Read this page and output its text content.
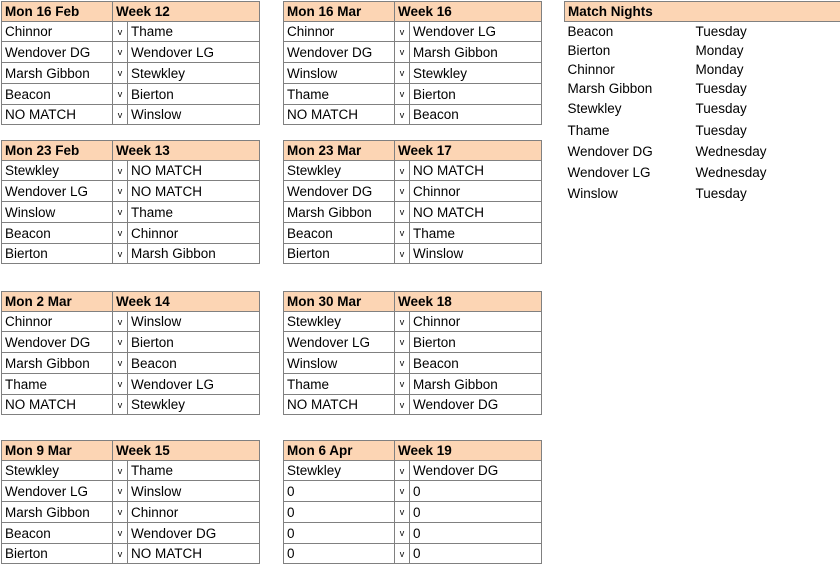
Mon 16 Feb	Week 12	
Chinnor	v	Thame
Wendover DG	v	Wendover LG
Marsh Gibbon	v	Stewkley
Beacon	v	Bierton
NO MATCH	v	Winslow
Mon 16 Mar	Week 16	
Chinnor	v	Wendover LG
Wendover DG	v	Marsh Gibbon
Winslow	v	Stewkley
Thame	v	Bierton
NO MATCH	v	Beacon
Mon 23 Feb	Week 13	
Stewkley	v	NO MATCH
Wendover LG	v	NO MATCH
Winslow	v	Thame
Beacon	v	Chinnor
Bierton	v	Marsh Gibbon
Mon 23 Mar	Week 17	
Stewkley	v	NO MATCH
Wendover DG	v	Chinnor
Marsh Gibbon	v	NO MATCH
Beacon	v	Thame
Bierton	v	Winslow
Mon 2 Mar	Week 14	
Chinnor	v	Winslow
Wendover DG	v	Bierton
Marsh Gibbon	v	Beacon
Thame	v	Wendover LG
NO MATCH	v	Stewkley
Mon 30 Mar	Week 18	
Stewkley	v	Chinnor
Wendover LG	v	Bierton
Winslow	v	Beacon
Thame	v	Marsh Gibbon
NO MATCH	v	Wendover DG
Mon 9 Mar	Week 15	
Stewkley	v	Thame
Wendover LG	v	Winslow
Marsh Gibbon	v	Chinnor
Beacon	v	Wendover DG
Bierton	v	NO MATCH
Mon 6 Apr	Week 19	
Stewkley	v	Wendover DG
0	v	0
0	v	0
0	v	0
0	v	0
Match Nights	
Beacon	Tuesday
Bierton	Monday
Chinnor	Monday
Marsh Gibbon	Tuesday
Stewkley	Tuesday
Thame	Tuesday
Wendover DG	Wednesday
Wendover LG	Wednesday
Winslow	Tuesday
